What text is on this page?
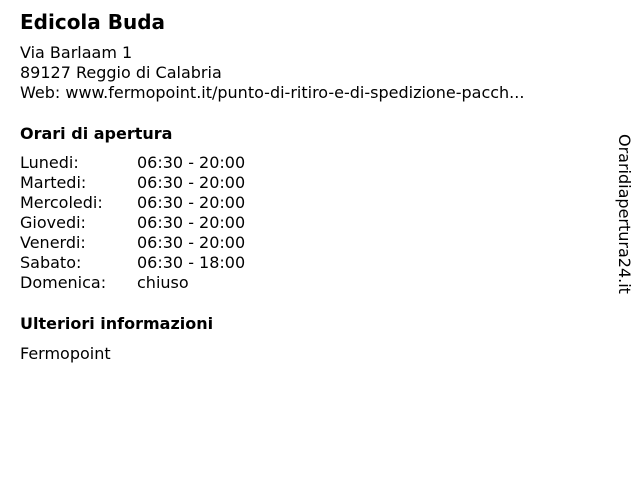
Edicola Buda
Via Barlaam 1
89127 Reggio di Calabria
Web: www.fermopoint.it/punto-di-ritiro-e-di-spedizione-pacch...
Orari di apertura
Lunedi:	06:30 - 20:00
Martedi:	06:30 - 20:00
Mercoledi:	06:30 - 20:00
Giovedi:	06:30 - 20:00
Venerdi:	06:30 - 20:00
Sabato:	06:30 - 18:00
Domenica:	chiuso
Ulteriori informazioni
Fermopoint
Oraridiapertura24.it
